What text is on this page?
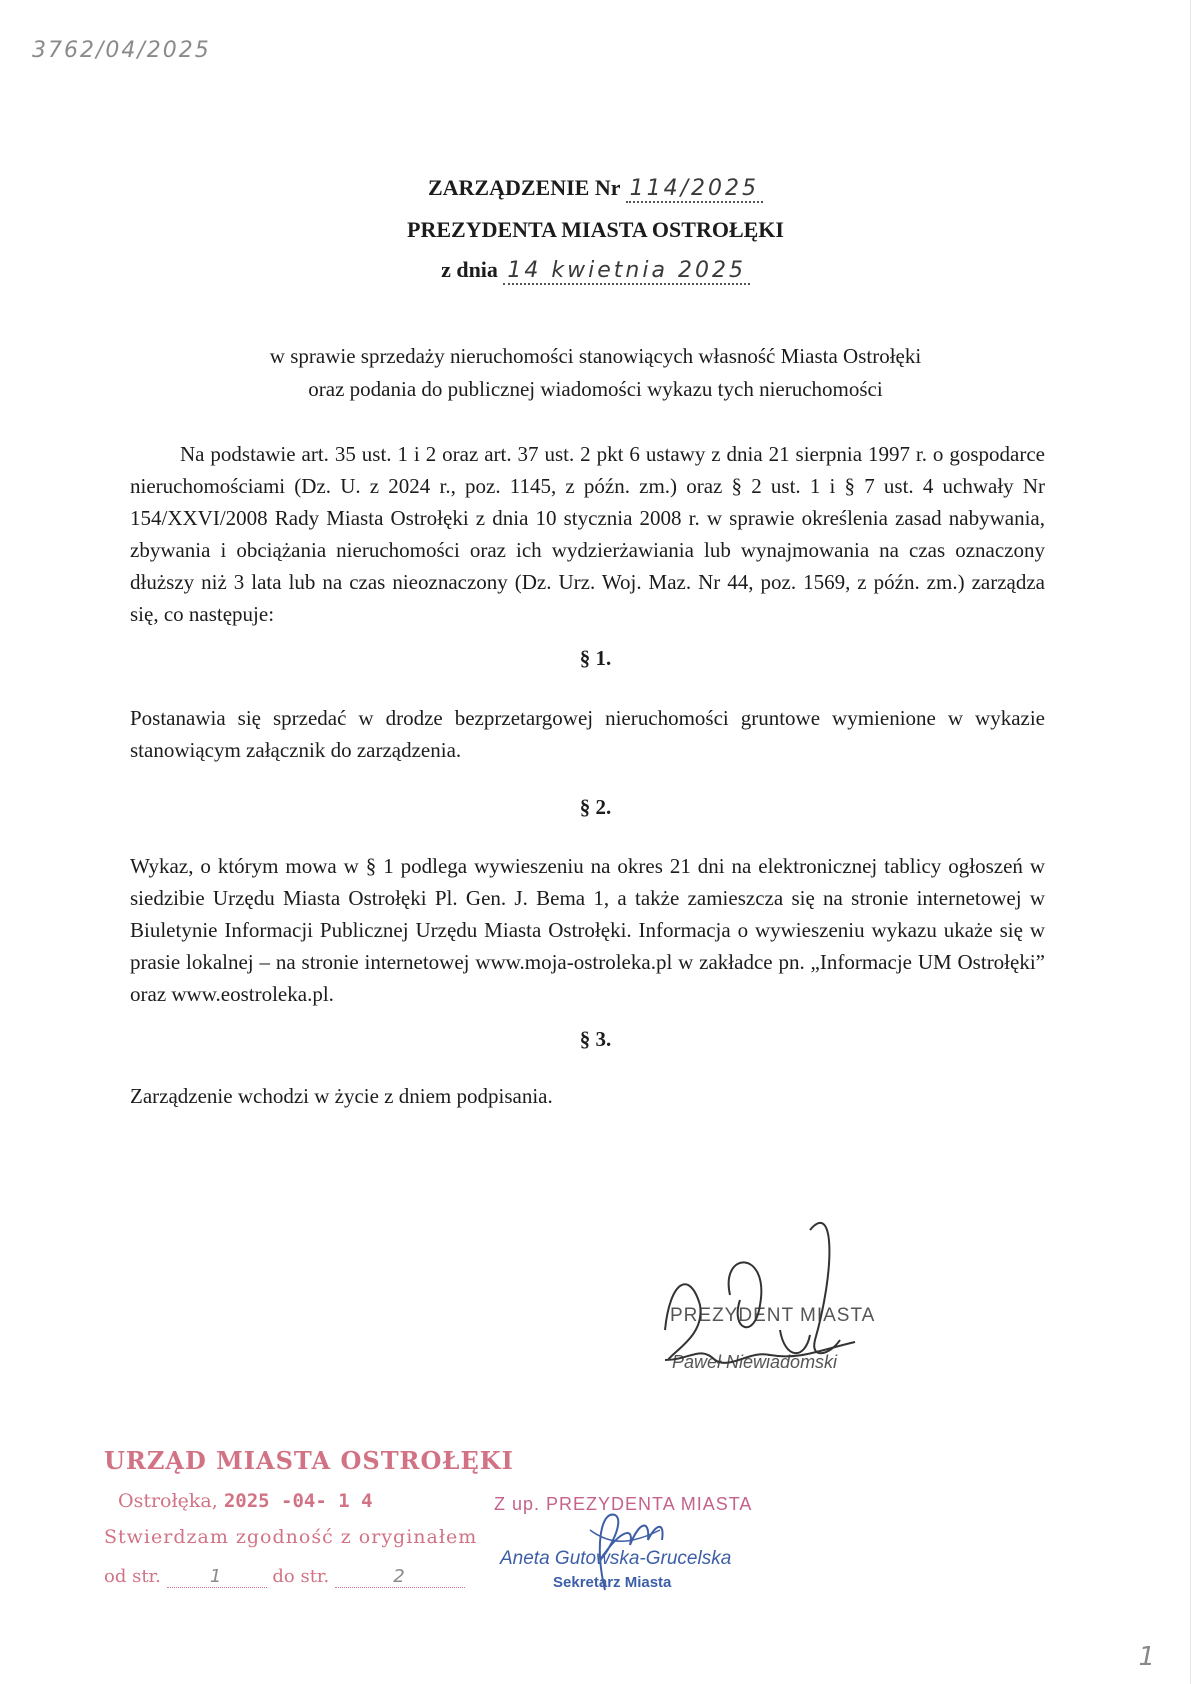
3762/04/2025
ZARZĄDZENIE Nr 114/2025
PREZYDENTA MIASTA OSTROŁĘKI
z dnia 14 kwietnia 2025
w sprawie sprzedaży nieruchomości stanowiących własność Miasta Ostrołęki
oraz podania do publicznej wiadomości wykazu tych nieruchomości
Na podstawie art. 35 ust. 1 i 2 oraz art. 37 ust. 2 pkt 6 ustawy z dnia 21 sierpnia 1997 r. o gospodarce nieruchomościami (Dz. U. z 2024 r., poz. 1145, z późn. zm.) oraz § 2 ust. 1 i § 7 ust. 4 uchwały Nr 154/XXVI/2008 Rady Miasta Ostrołęki z dnia 10 stycznia 2008 r. w sprawie określenia zasad nabywania, zbywania i obciążania nieruchomości oraz ich wydzierżawiania lub wynajmowania na czas oznaczony dłuższy niż 3 lata lub na czas nieoznaczony (Dz. Urz. Woj. Maz. Nr 44, poz. 1569, z późn. zm.) zarządza się, co następuje:
§ 1.
Postanawia się sprzedać w drodze bezprzetargowej nieruchomości gruntowe wymienione w wykazie stanowiącym załącznik do zarządzenia.
§ 2.
Wykaz, o którym mowa w § 1 podlega wywieszeniu na okres 21 dni na elektronicznej tablicy ogłoszeń w siedzibie Urzędu Miasta Ostrołęki Pl. Gen. J. Bema 1, a także zamieszcza się na stronie internetowej w Biuletynie Informacji Publicznej Urzędu Miasta Ostrołęki. Informacja o wywieszeniu wykazu ukaże się w prasie lokalnej – na stronie internetowej www.moja-ostroleka.pl w zakładce pn. „Informacje UM Ostrołęki” oraz www.eostroleka.pl.
§ 3.
Zarządzenie wchodzi w życie z dniem podpisania.
PREZYDENT MIASTA
Paweł Niewiadomski
URZĄD MIASTA OSTROŁĘKI
Ostrołęka, 2025 -04- 1 4
Stwierdzam zgodność z oryginałem
od str.	1	do str.	2
Z up. PREZYDENTA MIASTA
Aneta Gutowska-Grucelska
Sekretarz Miasta
1
